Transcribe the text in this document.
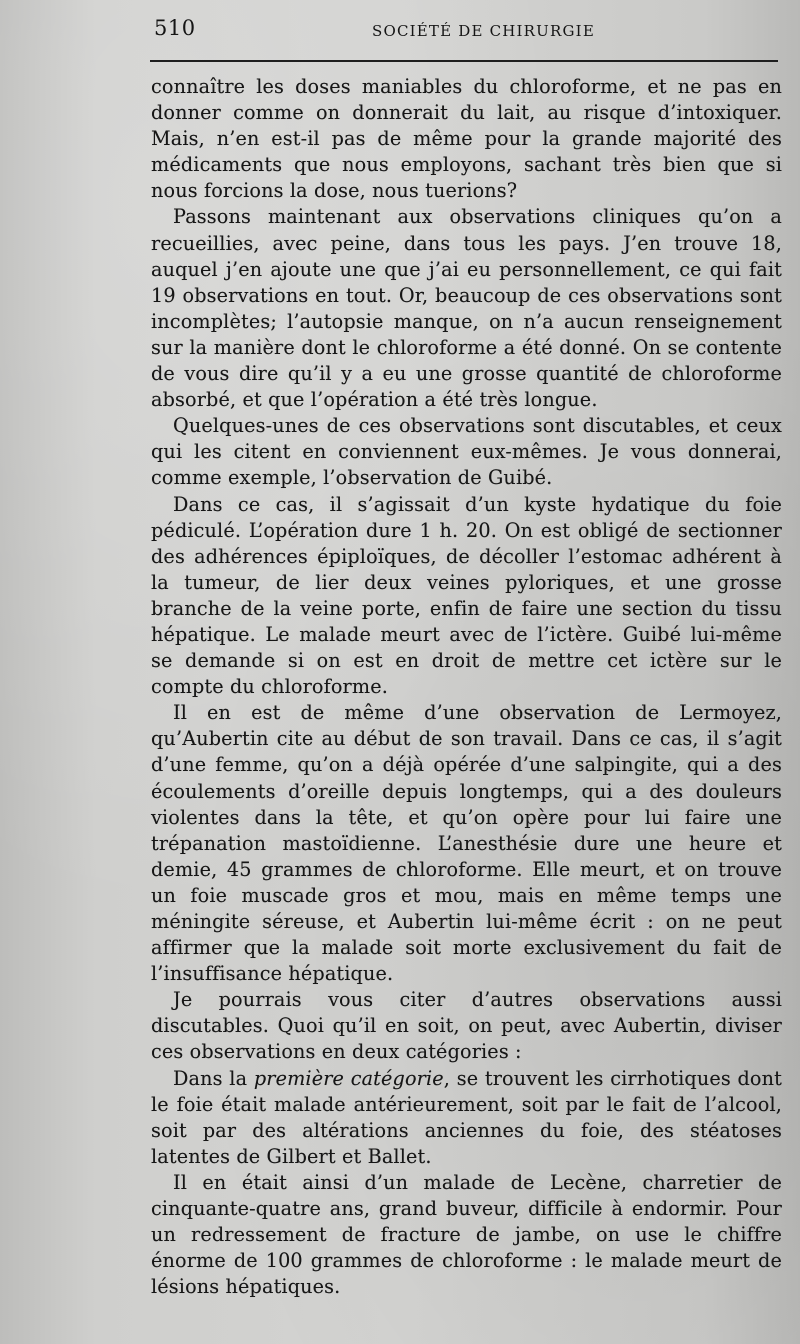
510	SOCIÉTÉ DE CHIRURGIE

connaître les doses maniables du chloroforme, et ne pas en donner comme on donnerait du lait, au risque d’intoxiquer. Mais, n’en est-il pas de même pour la grande majorité des médicaments que nous employons, sachant très bien que si nous forcions la dose, nous tuerions?

Passons maintenant aux observations cliniques qu’on a recueillies, avec peine, dans tous les pays. J’en trouve 18, auquel j’en ajoute une que j’ai eu personnellement, ce qui fait 19 observations en tout. Or, beaucoup de ces observations sont incomplètes; l’autopsie manque, on n’a aucun renseignement sur la manière dont le chloroforme a été donné. On se contente de vous dire qu’il y a eu une grosse quantité de chloroforme absorbé, et que l’opération a été très longue.

Quelques-unes de ces observations sont discutables, et ceux qui les citent en conviennent eux-mêmes. Je vous donnerai, comme exemple, l’observation de Guibé.

Dans ce cas, il s’agissait d’un kyste hydatique du foie pédiculé. L’opération dure 1 h. 20. On est obligé de sectionner des adhérences épiploïques, de décoller l’estomac adhérent à la tumeur, de lier deux veines pyloriques, et une grosse branche de la veine porte, enfin de faire une section du tissu hépatique. Le malade meurt avec de l’ictère. Guibé lui-même se demande si on est en droit de mettre cet ictère sur le compte du chloroforme.

Il en est de même d’une observation de Lermoyez, qu’Aubertin cite au début de son travail. Dans ce cas, il s’agit d’une femme, qu’on a déjà opérée d’une salpingite, qui a des écoulements d’oreille depuis longtemps, qui a des douleurs violentes dans la tête, et qu’on opère pour lui faire une trépanation mastoïdienne. L’anesthésie dure une heure et demie, 45 grammes de chloroforme. Elle meurt, et on trouve un foie muscade gros et mou, mais en même temps une méningite séreuse, et Aubertin lui-même écrit : on ne peut affirmer que la malade soit morte exclusivement du fait de l’insuffisance hépatique.

Je pourrais vous citer d’autres observations aussi discutables. Quoi qu’il en soit, on peut, avec Aubertin, diviser ces observations en deux catégories :

Dans la première catégorie, se trouvent les cirrhotiques dont le foie était malade antérieurement, soit par le fait de l’alcool, soit par des altérations anciennes du foie, des stéatoses latentes de Gilbert et Ballet.

Il en était ainsi d’un malade de Lecène, charretier de cinquante-quatre ans, grand buveur, difficile à endormir. Pour un redressement de fracture de jambe, on use le chiffre énorme de 100 grammes de chloroforme : le malade meurt de lésions hépatiques.
